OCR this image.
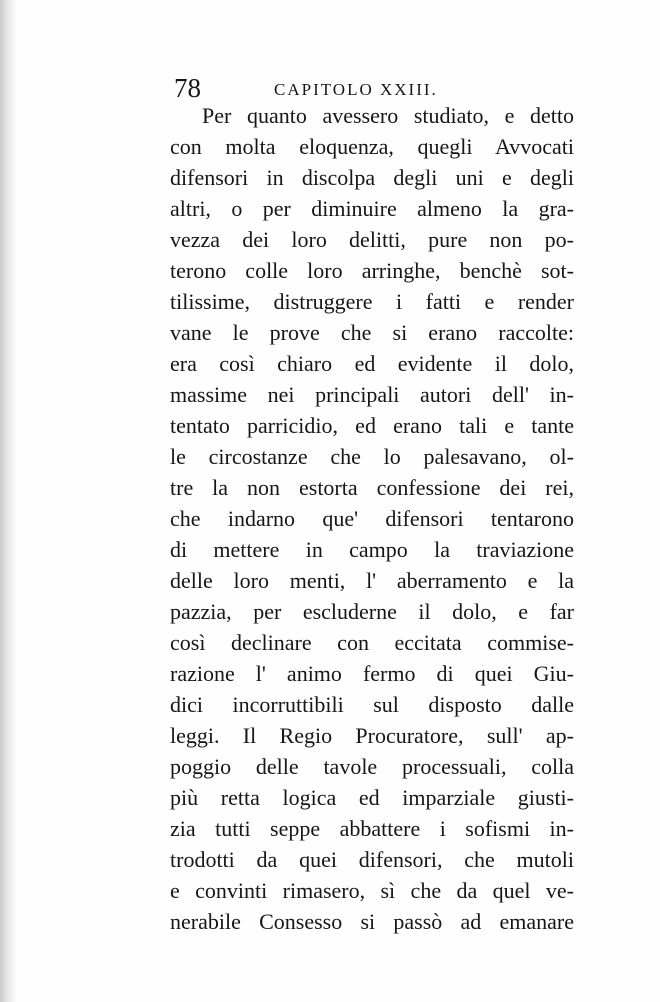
78	CAPITOLO XXIII.
Per quanto avessero studiato, e detto
con molta eloquenza, quegli Avvocati
difensori in discolpa degli uni e degli
altri, o per diminuire almeno la gra-
vezza dei loro delitti, pure non po-
terono colle loro arringhe, benchè sot-
tilissime, distruggere i fatti e render
vane le prove che si erano raccolte:
era così chiaro ed evidente il dolo,
massime nei principali autori dell' in-
tentato parricidio, ed erano tali e tante
le circostanze che lo palesavano, ol-
tre la non estorta confessione dei rei,
che indarno que' difensori tentarono
di mettere in campo la traviazione
delle loro menti, l' aberramento e la
pazzia, per escluderne il dolo, e far
così declinare con eccitata commise-
razione l' animo fermo di quei Giu-
dici incorruttibili sul disposto dalle
leggi. Il Regio Procuratore, sull' ap-
poggio delle tavole processuali, colla
più retta logica ed imparziale giusti-
zia tutti seppe abbattere i sofismi in-
trodotti da quei difensori, che mutoli
e convinti rimasero, sì che da quel ve-
nerabile Consesso si passò ad emanare
